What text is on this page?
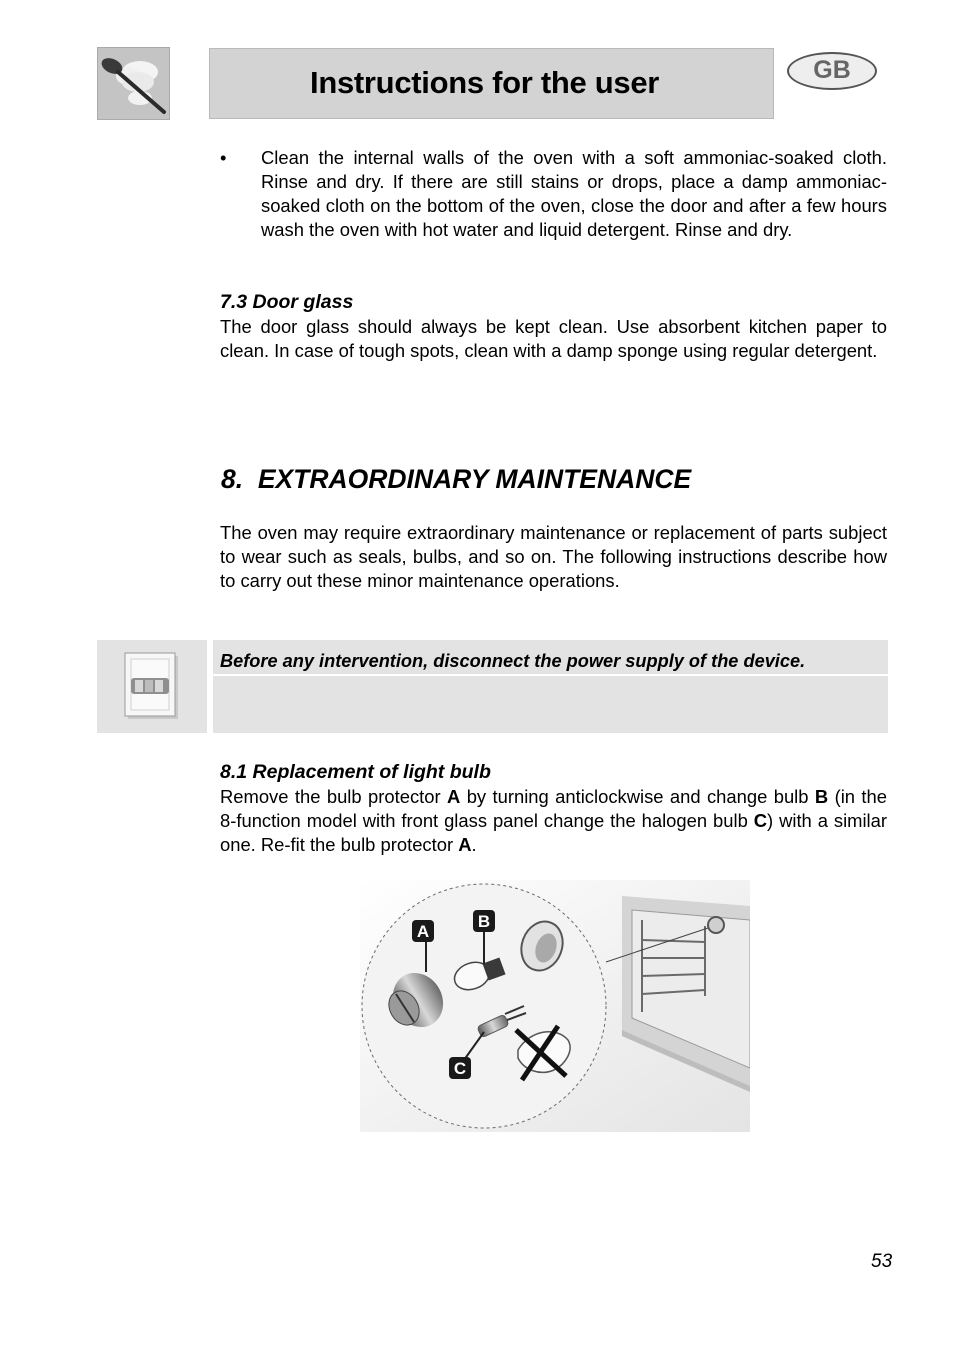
Instructions for the user	GB
• Clean the internal walls of the oven with a soft ammoniac-soaked cloth. Rinse and dry. If there are still stains or drops, place a damp ammoniac-soaked cloth on the bottom of the oven, close the door and after a few hours wash the oven with hot water and liquid detergent. Rinse and dry.
7.3 Door glass
The door glass should always be kept clean. Use absorbent kitchen paper to clean. In case of tough spots, clean with a damp sponge using regular detergent.
8.  EXTRAORDINARY MAINTENANCE
The oven may require extraordinary maintenance or replacement of parts subject to wear such as seals, bulbs, and so on. The following instructions describe how to carry out these minor maintenance operations.
Before any intervention, disconnect the power supply of the device.
8.1 Replacement of light bulb
Remove the bulb protector A by turning anticlockwise and change bulb B (in the 8-function model with front glass panel change the halogen bulb C) with a similar one. Re-fit the bulb protector A.
A
B
C
53
